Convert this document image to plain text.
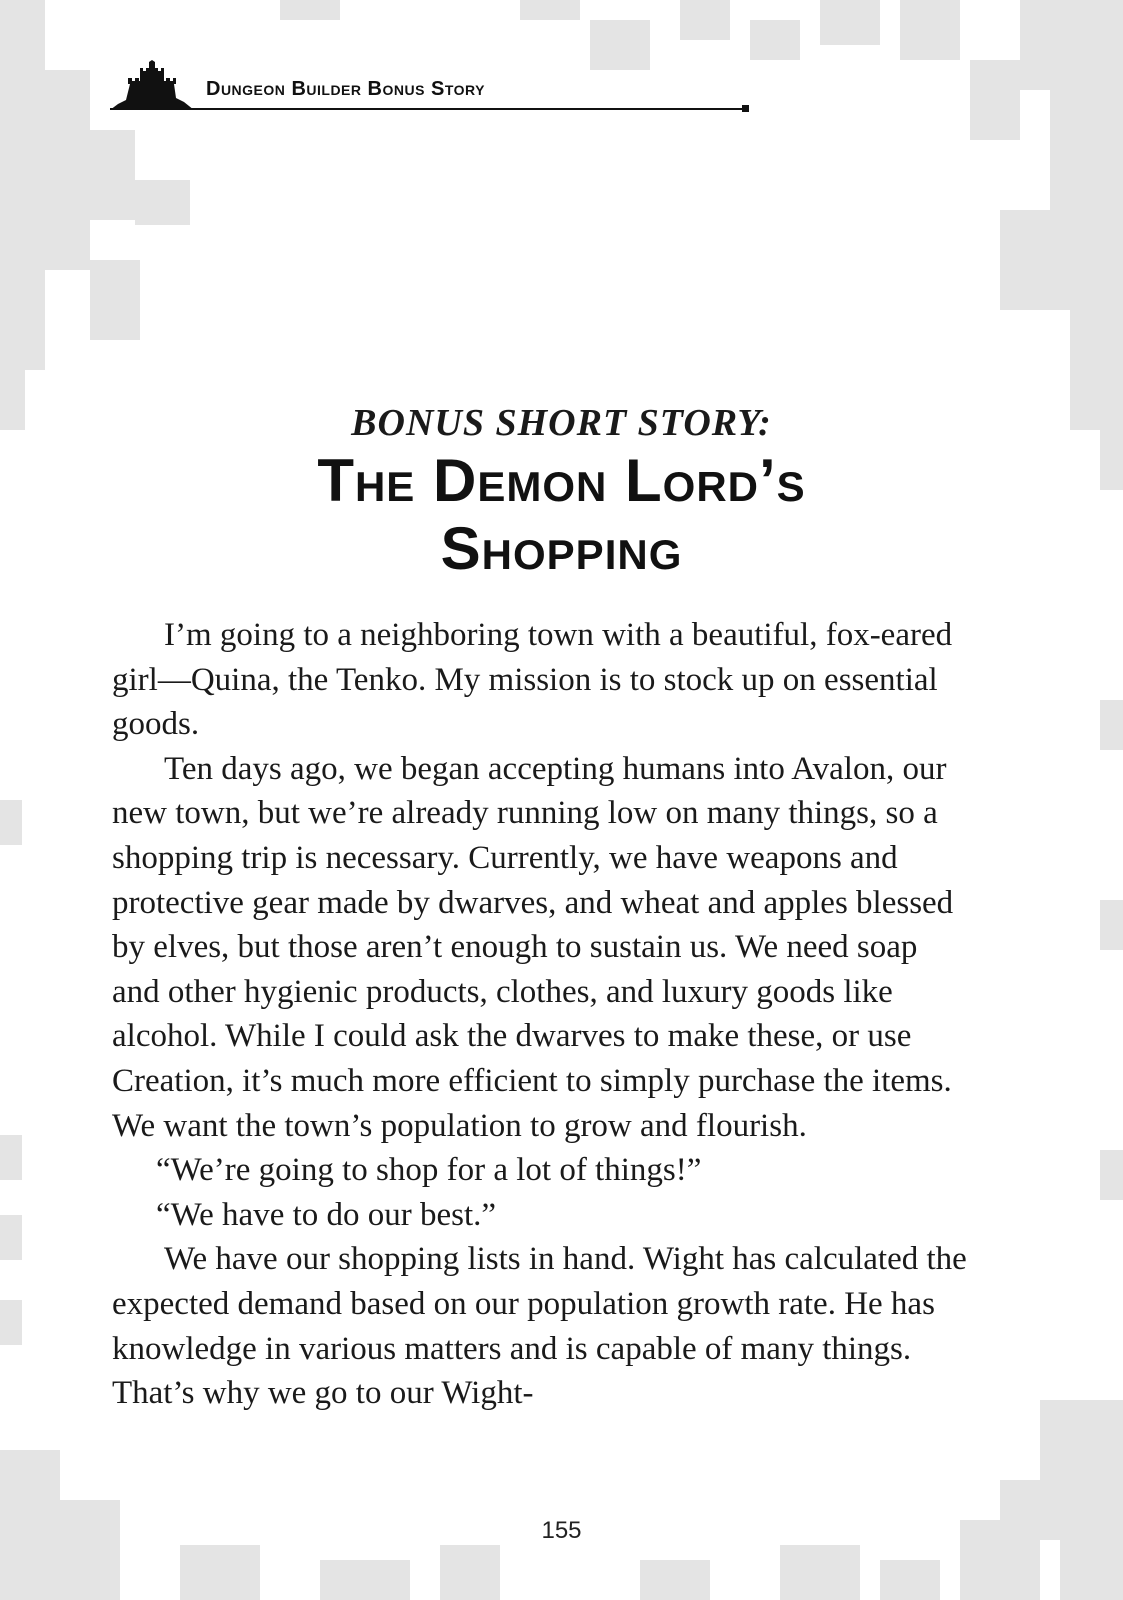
Dungeon Builder Bonus Story
BONUS SHORT STORY:
The Demon Lord’s
Shopping

I’m going to a neighboring town with a beautiful, fox-eared girl—Quina, the Tenko. My mission is to stock up on essential goods.

Ten days ago, we began accepting humans into Avalon, our new town, but we’re already running low on many things, so a shopping trip is necessary. Currently, we have weapons and protective gear made by dwarves, and wheat and apples blessed by elves, but those aren’t enough to sustain us. We need soap and other hygienic products, clothes, and luxury goods like alcohol. While I could ask the dwarves to make these, or use Creation, it’s much more efficient to simply purchase the items. We want the town’s population to grow and flourish.

“We’re going to shop for a lot of things!”

“We have to do our best.”

We have our shopping lists in hand. Wight has calculated the expected demand based on our population growth rate. He has knowledge in various matters and is capable of many things. That’s why we go to our Wight-

155
